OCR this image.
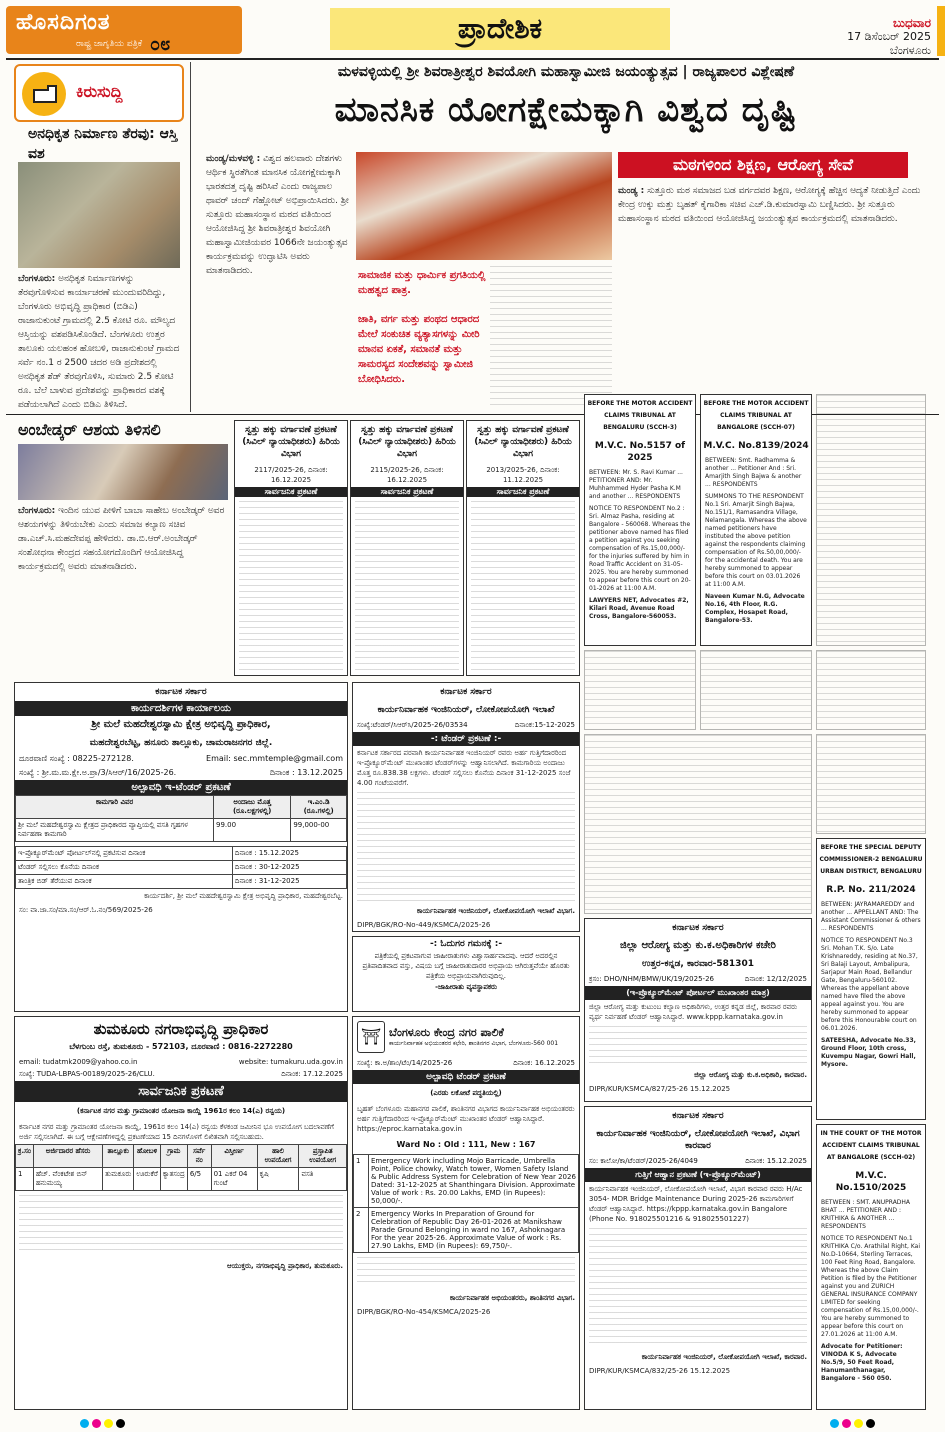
ಹೊಸದಿಗಂತ
ರಾಷ್ಟ್ರ ಜಾಗೃತಿಯ ಪತ್ರಿಕೆ ೦೮	ಪ್ರಾದೇಶಿಕ	ಬುಧವಾರ
17 ಡಿಸೆಂಬರ್ 2025
ಬೆಂಗಳೂರು
ಕಿರುಸುದ್ದಿ
ಅನಧಿಕೃತ ನಿರ್ಮಾಣ ತೆರವು: ಆಸ್ತಿ ವಶ
ಬೆಂಗಳೂರು: ಅನಧಿಕೃತ ನಿರ್ಮಾಣಗಳನ್ನು ತೆರವುಗೊಳಿಸುವ ಕಾರ್ಯಾಚರಣೆ ಮುಂದುವರಿದಿದ್ದು, ಬೆಂಗಳೂರು ಅಭಿವೃದ್ಧಿ ಪ್ರಾಧಿಕಾರ (ಬಿಡಿಎ) ರಾಜಾನುಕುಂಟೆ ಗ್ರಾಮದಲ್ಲಿ 2.5 ಕೋಟಿ ರೂ. ಮೌಲ್ಯದ ಆಸ್ತಿಯನ್ನು ವಶಪಡಿಸಿಕೊಂಡಿದೆ. ಬೆಂಗಳೂರು ಉತ್ತರ ತಾಲೂಕು ಯಲಹಂಕ ಹೋಬಳಿ, ರಾಜಾನುಕುಂಟೆ ಗ್ರಾಮದ ಸರ್ವೆ ನಂ.1 ರ 2500 ಚದರ ಅಡಿ ಪ್ರದೇಶದಲ್ಲಿ ಅನಧಿಕೃತ ಶೆಡ್ ತೆರವುಗೊಳಿಸಿ, ಸುಮಾರು 2.5 ಕೋಟಿ ರೂ. ಬೆಲೆ ಬಾಳುವ ಪ್ರದೇಶವನ್ನು ಪ್ರಾಧಿಕಾರದ ವಶಕ್ಕೆ ಪಡೆಯಲಾಗಿದೆ ಎಂದು ಬಿಡಿಎ ತಿಳಿಸಿದೆ.
ಮಳವಳ್ಳಿಯಲ್ಲಿ ಶ್ರೀ ಶಿವರಾತ್ರೀಶ್ವರ ಶಿವಯೋಗಿ ಮಹಾಸ್ವಾಮೀಜಿ ಜಯಂತ್ಯುತ್ಸವ | ರಾಜ್ಯಪಾಲರ ವಿಶ್ಲೇಷಣೆ
ಮಾನಸಿಕ ಯೋಗಕ್ಷೇಮಕ್ಕಾಗಿ ವಿಶ್ವದ ದೃಷ್ಟಿ
ಮಠಗಳಿಂದ ಶಿಕ್ಷಣ, ಆರೋಗ್ಯ ಸೇವೆ
ಮಂಡ್ಯ/ಮಳವಳ್ಳಿ : ವಿಶ್ವದ ಹಲವಾರು ದೇಶಗಳು ಆರ್ಥಿಕ ಸ್ಥಿರತೆಗಿಂತ ಮಾನಸಿಕ ಯೋಗಕ್ಷೇಮಕ್ಕಾಗಿ ಭಾರತದತ್ತ ದೃಷ್ಟಿ ಹರಿಸಿವೆ ಎಂದು ರಾಜ್ಯಪಾಲ ಥಾವರ್ ಚಂದ್ ಗೆಹ್ಲೋಟ್ ಅಭಿಪ್ರಾಯಿಸಿದರು. ಶ್ರೀ ಸುತ್ತೂರು ಮಹಾಸಂಸ್ಥಾನ ಮಠದ ವತಿಯಿಂದ ಆಯೋಜಿಸಿದ್ದ ಶ್ರೀ ಶಿವರಾತ್ರೀಶ್ವರ ಶಿವಯೋಗಿ ಮಹಾಸ್ವಾಮೀಜಿಯವರ 1066ನೇ ಜಯಂತ್ಯುತ್ಸವ ಕಾರ್ಯಕ್ರಮವನ್ನು ಉದ್ಘಾಟಿಸಿ ಅವರು ಮಾತನಾಡಿದರು.	ಸಾಮಾಜಿಕ ಮತ್ತು ಧಾರ್ಮಿಕ ಪ್ರಗತಿಯಲ್ಲಿ ಮಹತ್ವದ ಪಾತ್ರ.
ಜಾತಿ, ವರ್ಗ ಮತ್ತು ಪಂಥದ ಆಧಾರದ ಮೇಲೆ ಸಂಕುಚಿತ ವ್ಯತ್ಯಾಸಗಳನ್ನು ಮೀರಿ ಮಾನವ ಏಕತೆ, ಸಮಾನತೆ ಮತ್ತು ಸಾಮರಸ್ಯದ ಸಂದೇಶವನ್ನು ಸ್ವಾಮೀಜಿ ಬೋಧಿಸಿದರು.
ಮಂಡ್ಯ : ಸುತ್ತೂರು ಮಠ ಸಮಾಜದ ಬಡ ವರ್ಗದವರ ಶಿಕ್ಷಣ, ಆರೋಗ್ಯಕ್ಕೆ ಹೆಚ್ಚಿನ ಆದ್ಯತೆ ನೀಡುತ್ತಿದೆ ಎಂದು ಕೇಂದ್ರ ಉಕ್ಕು ಮತ್ತು ಬೃಹತ್ ಕೈಗಾರಿಕಾ ಸಚಿವ ಎಚ್.ಡಿ.ಕುಮಾರಸ್ವಾಮಿ ಬಣ್ಣಿಸಿದರು. ಶ್ರೀ ಸುತ್ತೂರು ಮಹಾಸಂಸ್ಥಾನ ಮಠದ ವತಿಯಿಂದ ಆಯೋಜಿಸಿದ್ದ ಜಯಂತ್ಯುತ್ಸವ ಕಾರ್ಯಕ್ರಮದಲ್ಲಿ ಮಾತನಾಡಿದರು.
ಅಂಬೇಡ್ಕರ್ ಆಶಯ ತಿಳಿಸಲಿ
ಬೆಂಗಳೂರು: ಇಂದಿನ ಯುವ ಪೀಳಿಗೆ ಬಾಬಾ ಸಾಹೇಬ ಅಂಬೇಡ್ಕರ್ ಅವರ ಆಶಯಗಳನ್ನು ತಿಳಿಯಬೇಕು ಎಂದು ಸಮಾಜ ಕಲ್ಯಾಣ ಸಚಿವ ಡಾ.ಎಚ್.ಸಿ.ಮಹದೇವಪ್ಪ ಹೇಳಿದರು. ಡಾ.ಬಿ.ಆರ್.ಅಂಬೇಡ್ಕರ್ ಸಂಶೋಧನಾ ಕೇಂದ್ರದ ಸಹಯೋಗದೊಂದಿಗೆ ಆಯೋಜಿಸಿದ್ದ ಕಾರ್ಯಕ್ರಮದಲ್ಲಿ ಅವರು ಮಾತನಾಡಿದರು.
ಸ್ವತ್ತು ಹಕ್ಕು ವರ್ಗಾವಣೆ ಪ್ರಕಟಣೆ (ಸಿವಿಲ್ ನ್ಯಾಯಾಧೀಶರು) ಹಿರಿಯ ವಿಭಾಗ
2117/2025-26, ದಿನಾಂಕ: 16.12.2025
ಸಾರ್ವಜನಿಕ ಪ್ರಕಟಣೆ
ಸ್ವತ್ತು ಹಕ್ಕು ವರ್ಗಾವಣೆ ಪ್ರಕಟಣೆ (ಸಿವಿಲ್ ನ್ಯಾಯಾಧೀಶರು) ಹಿರಿಯ ವಿಭಾಗ
2115/2025-26, ದಿನಾಂಕ: 16.12.2025
ಸಾರ್ವಜನಿಕ ಪ್ರಕಟಣೆ
ಸ್ವತ್ತು ಹಕ್ಕು ವರ್ಗಾವಣೆ ಪ್ರಕಟಣೆ (ಸಿವಿಲ್ ನ್ಯಾಯಾಧೀಶರು) ಹಿರಿಯ ವಿಭಾಗ
2013/2025-26, ದಿನಾಂಕ: 11.12.2025
ಸಾರ್ವಜನಿಕ ಪ್ರಕಟಣೆ
BEFORE THE MOTOR ACCIDENT CLAIMS TRIBUNAL AT BENGALURU (SCCH-3)
M.V.C. No.5157 of 2025
BETWEEN: Mr. S. Ravi Kumar ... PETITIONER AND: Mr. Muhhammed Hyder Pasha K.M and another ... RESPONDENTS
NOTICE TO RESPONDENT No.2 : Sri. Almaz Pasha, residing at Bangalore - 560068. Whereas the petitioner above named has filed a petition against you seeking compensation of Rs.15,00,000/- for the injuries suffered by him in Road Traffic Accident on 31-05-2025. You are hereby summoned to appear before this court on 20-01-2026 at 11:00 A.M.
LAWYERS NET, Advocates #2, Kilari Road, Avenue Road Cross, Bangalore-560053.
BEFORE THE MOTOR ACCIDENT CLAIMS TRIBUNAL AT BANGALORE (SCCH-07)
M.V.C. No.8139/2024
BETWEEN: Smt. Radhamma & another ... Petitioner And : Sri. Amarjith Singh Bajwa & another ... RESPONDENTS
SUMMONS TO THE RESPONDENT No.1 Sri. Amarjit Singh Bajwa, No.151/1, Ramasandra Village, Nelamangala. Whereas the above named petitioners have instituted the above petition against the respondents claiming compensation of Rs.50,00,000/- for the accidental death. You are hereby summoned to appear before this court on 03.01.2026 at 11:00 A.M.
Naveen Kumar N.G, Advocate No.16, 4th Floor, R.G. Complex, Hosapet Road, Bangalore-53.
ಕರ್ನಾಟಕ ಸರ್ಕಾರ
ಕಾರ್ಯದರ್ಶಿಗಳ ಕಾರ್ಯಾಲಯ
ಶ್ರೀ ಮಲೆ ಮಹದೇಶ್ವರಸ್ವಾಮಿ ಕ್ಷೇತ್ರ ಅಭಿವೃದ್ಧಿ ಪ್ರಾಧಿಕಾರ,
ಮಹದೇಶ್ವರಬೆಟ್ಟ, ಹನೂರು ತಾಲ್ಲೂಕು, ಚಾಮರಾಜನಗರ ಜಿಲ್ಲೆ.
ದೂರವಾಣಿ ಸಂಖ್ಯೆ : 08225-272128.	Email: sec.mmtemple@gmail.com
ಸಂಖ್ಯೆ : ಶ್ರೀ.ಮ.ಮ.ಕ್ಷೇ.ಅ.ಪ್ರಾ/3/ಸಿಆರ್/16/2025-26.	ದಿನಾಂಕ : 13.12.2025
ಅಲ್ಪಾವಧಿ ಇ-ಟೆಂಡರ್ ಪ್ರಕಟಣೆ
ಕಾಮಗಾರಿ ವಿವರ	ಅಂದಾಜು ಮೊತ್ತ (ರೂ.ಲಕ್ಷಗಳಲ್ಲಿ)	ಇ.ಎಂ.ಡಿ (ರೂ.ಗಳಲ್ಲಿ)
ಶ್ರೀ ಮಲೆ ಮಹದೇಶ್ವರಸ್ವಾಮಿ ಕ್ಷೇತ್ರದ ಪ್ರಾಧಿಕಾರದ ವ್ಯಾಪ್ತಿಯಲ್ಲಿ ವಸತಿ ಗೃಹಗಳ ನಿರ್ವಹಣಾ ಕಾಮಗಾರಿ	99.00	99,000-00
ಇ-ಪ್ರೊಕ್ಯೂರ್‌ಮೆಂಟ್ ಪೋರ್ಟಲ್‌ನಲ್ಲಿ ಪ್ರಕಟಿಸುವ ದಿನಾಂಕ	ದಿನಾಂಕ : 15.12.2025
ಟೆಂಡರ್ ಸಲ್ಲಿಸಲು ಕೊನೆಯ ದಿನಾಂಕ	ದಿನಾಂಕ : 30-12-2025
ತಾಂತ್ರಿಕ ಬಿಡ್ ತೆರೆಯುವ ದಿನಾಂಕ	ದಿನಾಂಕ : 31-12-2025
ಕಾರ್ಯದರ್ಶಿ, ಶ್ರೀ ಮಲೆ ಮಹದೇಶ್ವರಸ್ವಾಮಿ ಕ್ಷೇತ್ರ ಅಭಿವೃದ್ಧಿ ಪ್ರಾಧಿಕಾರ, ಮಹದೇಶ್ವರಬೆಟ್ಟ.
ಸಂ: ವಾ.ಜಾ.ಸಂ/ಮಾ.ಸಂ/ಆರ್.ಓ.ನಂ/569/2025-26
ಕರ್ನಾಟಕ ಸರ್ಕಾರ
ಕಾರ್ಯನಿರ್ವಾಹಕ ಇಂಜಿನಿಯರ್, ಲೋಕೋಪಯೋಗಿ ಇಲಾಖೆ
ಸಂಖ್ಯೆ:ಟೆಂಡರ್/ಸಿಆರ್‌ಸಿ/2025-26/03534	ದಿನಾಂಕ:15-12-2025
-: ಟೆಂಡರ್ ಪ್ರಕಟಣೆ :-
ಕರ್ನಾಟಕ ಸರ್ಕಾರದ ಪರವಾಗಿ ಕಾರ್ಯನಿರ್ವಾಹಕ ಇಂಜಿನಿಯರ್ ರವರು ಅರ್ಹ ಗುತ್ತಿಗೆದಾರರಿಂದ ಇ-ಪ್ರೊಕ್ಯೂರ್‌ಮೆಂಟ್ ಮುಖಾಂತರ ಟೆಂಡರ್‌ಗಳನ್ನು ಆಹ್ವಾನಿಸಲಾಗಿದೆ. ಕಾಮಗಾರಿಯ ಅಂದಾಜು ಮೊತ್ತ ರೂ.838.38 ಲಕ್ಷಗಳು. ಟೆಂಡರ್ ಸಲ್ಲಿಸಲು ಕೊನೆಯ ದಿನಾಂಕ 31-12-2025 ಸಂಜೆ 4.00 ಗಂಟೆಯವರೆಗೆ.
ಕಾರ್ಯನಿರ್ವಾಹಕ ಇಂಜಿನಿಯರ್, ಲೋಕೋಪಯೋಗಿ ಇಲಾಖೆ ವಿಭಾಗ.
DIPR/BGK/RO-No-449/KSMCA/2025-26
-: ಓದುಗರ ಗಮನಕ್ಕೆ :-
ಪತ್ರಿಕೆಯಲ್ಲಿ ಪ್ರಕಟವಾಗುವ ಜಾಹೀರಾತುಗಳು ವಿಶ್ವಾಸಾರ್ಹವಾದವು. ಆದರೆ ಅದರಲ್ಲಿನ ಪ್ರತಿಪಾದಿತವಾದ ವಸ್ತು, ವಿಷಯ ಬಗ್ಗೆ ಜಾಹೀರಾತುದಾರರ ಅಭಿಪ್ರಾಯ ಆಗಿರುತ್ತವೆಯೇ ಹೊರತು ಪತ್ರಿಕೆಯ ಅಭಿಪ್ರಾಯವಾಗಿರುವುದಿಲ್ಲ.
-ಜಾಹೀರಾತು ವ್ಯವಸ್ಥಾಪಕರು
BEFORE THE SPECIAL DEPUTY COMMISSIONER-2 BENGALURU URBAN DISTRICT, BENGALURU
R.P. No. 211/2024
BETWEEN: JAYRAMAREDDY and another ... APPELLANT AND: The Assistant Commissioner & others ... RESPONDENTS
NOTICE TO RESPONDENT No.3 Sri. Mohan T.K. S/o. Late Krishnareddy, residing at No.37, Sri Balaji Layout, Ambalipura, Sarjapur Main Road, Bellandur Gate, Bengaluru-560102. Whereas the appellant above named have filed the above appeal against you. You are hereby summoned to appear before this Honourable court on 06.01.2026.
SATEESHA, Advocate No.33, Ground Floor, 10th cross, Kuvempu Nagar, Gowri Hall, Mysore.
ಕರ್ನಾಟಕ ಸರ್ಕಾರ
ಜಿಲ್ಲಾ ಆರೋಗ್ಯ ಮತ್ತು ಕು.ಕ.ಅಧಿಕಾರಿಗಳ ಕಚೇರಿ
ಉತ್ತರ-ಕನ್ನಡ, ಕಾರವಾರ-581301
ಕ್ರಸಂ: DHO/NHM/BMW/UK/19/2025-26	ದಿನಾಂಕ: 12/12/2025
(ಇ-ಪ್ರೊಕ್ಯೂರ್‌ಮೆಂಟ್ ಪೋರ್ಟಲ್ ಮುಖಾಂತರ ಮಾತ್ರ)
ಜಿಲ್ಲಾ ಆರೋಗ್ಯ ಮತ್ತು ಕುಟುಂಬ ಕಲ್ಯಾಣ ಅಧಿಕಾರಿಗಳು, ಉತ್ತರ ಕನ್ನಡ ಜಿಲ್ಲೆ, ಕಾರವಾರ ರವರು ವ್ಯರ್ಥ ನಿರ್ವಹಣೆ ಟೆಂಡರ್ ಆಹ್ವಾನಿಸಿದ್ದಾರೆ. www.kppp.karnataka.gov.in
ಜಿಲ್ಲಾ ಆರೋಗ್ಯ ಮತ್ತು ಕು.ಕ.ಅಧಿಕಾರಿ, ಕಾರವಾರ.
DIPR/KUR/KSMCA/827/25-26 15.12.2025
ತುಮಕೂರು ನಗರಾಭಿವೃದ್ಧಿ ಪ್ರಾಧಿಕಾರ
ಬೆಳಗುಂಬ ರಸ್ತೆ, ತುಮಕೂರು - 572103, ದೂರವಾಣಿ : 0816-2272280
email: tudatmk2009@yahoo.co.in	website: tumakuru.uda.gov.in
ಸಂಖ್ಯೆ: TUDA-LBPAS-00189/2025-26/CLU.	ದಿನಾಂಕ: 17.12.2025
ಸಾರ್ವಜನಿಕ ಪ್ರಕಟಣೆ
(ಕರ್ನಾಟಕ ನಗರ ಮತ್ತು ಗ್ರಾಮಾಂತರ ಯೋಜನಾ ಕಾಯ್ದೆ 1961ರ ಕಲಂ 14(ಎ) ರನ್ವಯ)
ಕರ್ನಾಟಕ ನಗರ ಮತ್ತು ಗ್ರಾಮಾಂತರ ಯೋಜನಾ ಕಾಯ್ದೆ, 1961ರ ಕಲಂ 14(ಎ) ರನ್ವಯ ಕೆಳಕಂಡ ಜಮೀನಿನ ಭೂ ಉಪಯೋಗ ಬದಲಾವಣೆಗೆ ಅರ್ಜಿ ಸಲ್ಲಿಸಲಾಗಿದೆ. ಈ ಬಗ್ಗೆ ಆಕ್ಷೇಪಣೆಗಳಿದ್ದಲ್ಲಿ ಪ್ರಕಟಣೆಯಾದ 15 ದಿನಗಳೊಳಗೆ ಲಿಖಿತವಾಗಿ ಸಲ್ಲಿಸಬಹುದು.
ಕ್ರ.ಸಂ	ಅರ್ಜಿದಾರರ ಹೆಸರು	ತಾಲ್ಲೂಕು	ಹೋಬಳಿ	ಗ್ರಾಮ	ಸರ್ವೆ ನಂ	ವಿಸ್ತೀರ್ಣ	ಹಾಲಿ ಉಪಯೋಗ	ಪ್ರಸ್ತಾಪಿತ ಉಪಯೋಗ
1	ಹೆಚ್. ವೆಂಕಟೇಶ ಬಿನ್ ಹನುಮಯ್ಯ	ತುಮಕೂರು	ಊರುಕೆರೆ	ಕ್ಯಾತಸಂದ್ರ	6/5	01 ಎಕರೆ 04 ಗುಂಟೆ	ಕೃಷಿ	ವಸತಿ
ಆಯುಕ್ತರು, ನಗರಾಭಿವೃದ್ಧಿ ಪ್ರಾಧಿಕಾರ, ತುಮಕೂರು.
⛩ ಬೆಂಗಳೂರು ಕೇಂದ್ರ ನಗರ ಪಾಲಿಕೆ
ಕಾರ್ಯನಿರ್ವಾಹಕ ಅಭಿಯಂತರರ ಕಛೇರಿ, ಶಾಂತಿನಗರ ವಿಭಾಗ, ಬೆಂಗಳೂರು-560 001
ಸಂಖ್ಯೆ: ಕಾ.ಅ/ಶಾಂ/ಟೆಂ/14/2025-26	ದಿನಾಂಕ: 16.12.2025
ಅಲ್ಪಾವಧಿ ಟೆಂಡರ್ ಪ್ರಕಟಣೆ
(ಎರಡು ಲಕೋಟೆ ಪದ್ಧತಿಯಲ್ಲಿ)
ಬೃಹತ್ ಬೆಂಗಳೂರು ಮಹಾನಗರ ಪಾಲಿಕೆ, ಶಾಂತಿನಗರ ವಿಭಾಗದ ಕಾರ್ಯನಿರ್ವಾಹಕ ಅಭಿಯಂತರರು ಅರ್ಹ ಗುತ್ತಿಗೆದಾರರಿಂದ ಇ-ಪ್ರೊಕ್ಯೂರ್‌ಮೆಂಟ್ ಮುಖಾಂತರ ಟೆಂಡರ್ ಆಹ್ವಾನಿಸಿದ್ದಾರೆ. https://eproc.karnataka.gov.in
Ward No : Old : 111, New : 167
1	Emergency Work including Mojo Barricade, Umbrella Point, Police chowky, Watch tower, Women Safety Island & Public Address System for Celebration of New Year 2026 Dated: 31-12-2025 at Shanthingara Division. Approximate Value of work : Rs. 20.00 Lakhs, EMD (in Rupees): 50,000/-.
2	Emergency Works In Preparation of Ground for Celebration of Republic Day 26-01-2026 at Manikshaw Parade Ground Belonging in ward no 167, Ashoknagara For the year 2025-26. Approximate Value of work : Rs. 27.90 Lakhs, EMD (in Rupees): 69,750/-.
ಕಾರ್ಯನಿರ್ವಾಹಕ ಅಭಿಯಂತರರು, ಶಾಂತಿನಗರ ವಿಭಾಗ.
DIPR/BGK/RO-No-454/KSMCA/2025-26
ಕರ್ನಾಟಕ ಸರ್ಕಾರ
ಕಾರ್ಯನಿರ್ವಾಹಕ ಇಂಜಿನಿಯರ್, ಲೋಕೋಪಯೋಗಿ ಇಲಾಖೆ, ವಿಭಾಗ ಕಾರವಾರ
ಸಂ: ಕಾಲೋ/ಕಾ/ಟೆಂಡರ್/2025-26/4049	ದಿನಾಂಕ: 15.12.2025
ಗುತ್ತಿಗೆ ಆಹ್ವಾನ ಪ್ರಕಟಣೆ (ಇ-ಪ್ರೊಕ್ಯೂರ್‌ಮೆಂಟ್)
ಕಾರ್ಯನಿರ್ವಾಹಕ ಇಂಜಿನಿಯರ್, ಲೋಕೋಪಯೋಗಿ ಇಲಾಖೆ, ವಿಭಾಗ ಕಾರವಾರ ರವರು H/Ac 3054- MDR Bridge Maintenance During 2025-26 ಕಾಮಗಾರಿಗಳಿಗೆ ಟೆಂಡರ್ ಆಹ್ವಾನಿಸಿದ್ದಾರೆ. https://kppp.karnataka.gov.in Bangalore (Phone No. 918025501216 & 918025501227)
ಕಾರ್ಯನಿರ್ವಾಹಕ ಇಂಜಿನಿಯರ್, ಲೋಕೋಪಯೋಗಿ ಇಲಾಖೆ, ಕಾರವಾರ.
DIPR/KUR/KSMCA/832/25-26 15.12.2025
IN THE COURT OF THE MOTOR ACCIDENT CLAIMS TRIBUNAL AT BANGALORE (SCCH-02)
M.V.C. No.1510/2025
BETWEEN : SMT. ANUPRADHA BHAT ... PETITIONER AND : KRITHIKA & ANOTHER ... RESPONDENTS
NOTICE TO RESPONDENT No.1 KRITHIKA C/o. Arathilal Right, Kai No.D-10664, Sterling Terraces, 100 Feet Ring Road, Bangalore. Whereas the above Claim Petition is filed by the Petitioner against you and ZURICH GENERAL INSURANCE COMPANY LIMITED for seeking compensation of Rs.15,00,000/-. You are hereby summoned to appear before this court on 27.01.2026 at 11:00 A.M.
Advocate for Petitioner: VINODA K S, Advocate No.5/9, 50 Feet Road, Hanumanthanagar, Bangalore - 560 050.
